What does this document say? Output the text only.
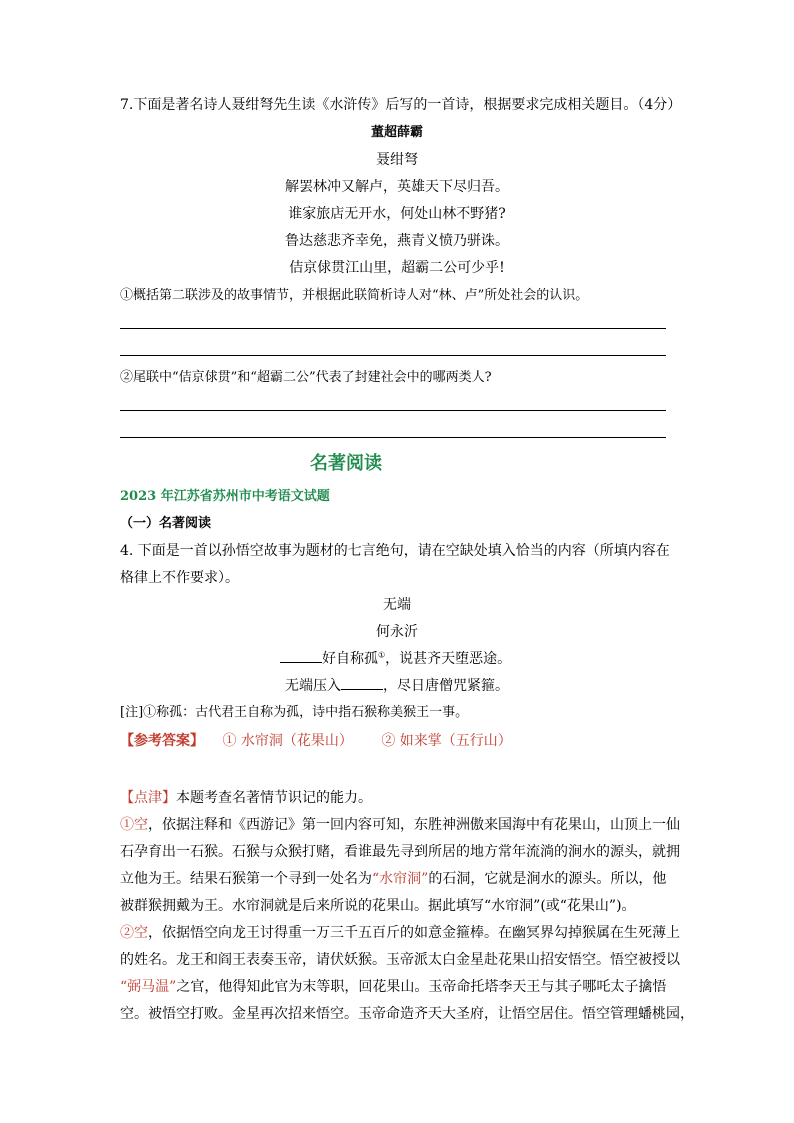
7.下面是著名诗人聂绀弩先生读《水浒传》后写的一首诗，根据要求完成相关题目。（4分）
董超薛霸
聂绀弩
解罢林冲又解卢，英雄天下尽归吾。
谁家旅店无开水，何处山林不野猪?
鲁达慈悲齐幸免，燕青义愤乃骈诛。
佶京俅贯江山里，超霸二公可少乎!
①概括第二联涉及的故事情节，并根据此联简析诗人对“林、卢”所处社会的认识。
②尾联中“佶京俅贯”和“超霸二公”代表了封建社会中的哪两类人?
名著阅读
2023 年江苏省苏州市中考语文试题
（一）名著阅读
4. 下面是一首以孙悟空故事为题材的七言绝句，请在空缺处填入恰当的内容（所填内容在
格律上不作要求）。
无端
何永沂
好自称孤①，说甚齐天堕恶途。
无端压入	，尽日唐僧咒紧箍。
[注]①称孤：古代君王自称为孤，诗中指石猴称美猴王一事。
【参考答案】 ① 水帘洞（花果山） ② 如来掌（五行山）
【点津】本题考查名著情节识记的能力。
①空，依据注释和《西游记》第一回内容可知，东胜神洲傲来国海中有花果山，山顶上一仙
石孕育出一石猴。石猴与众猴打赌，看谁最先寻到所居的地方常年流淌的涧水的源头，就拥
立他为王。结果石猴第一个寻到一处名为“水帘洞”的石洞，它就是涧水的源头。所以，他
被群猴拥戴为王。水帘洞就是后来所说的花果山。据此填写“水帘洞”(或“花果山”)。
②空，依据悟空向龙王讨得重一万三千五百斤的如意金箍棒。在幽冥界勾掉猴属在生死薄上
的姓名。龙王和阎王表奏玉帝，请伏妖猴。玉帝派太白金星赴花果山招安悟空。悟空被授以
“弼马温”之官，他得知此官为末等职，回花果山。玉帝命托塔李天王与其子哪吒太子擒悟
空。被悟空打败。金星再次招来悟空。玉帝命造齐天大圣府，让悟空居住。悟空管理蟠桃园，
